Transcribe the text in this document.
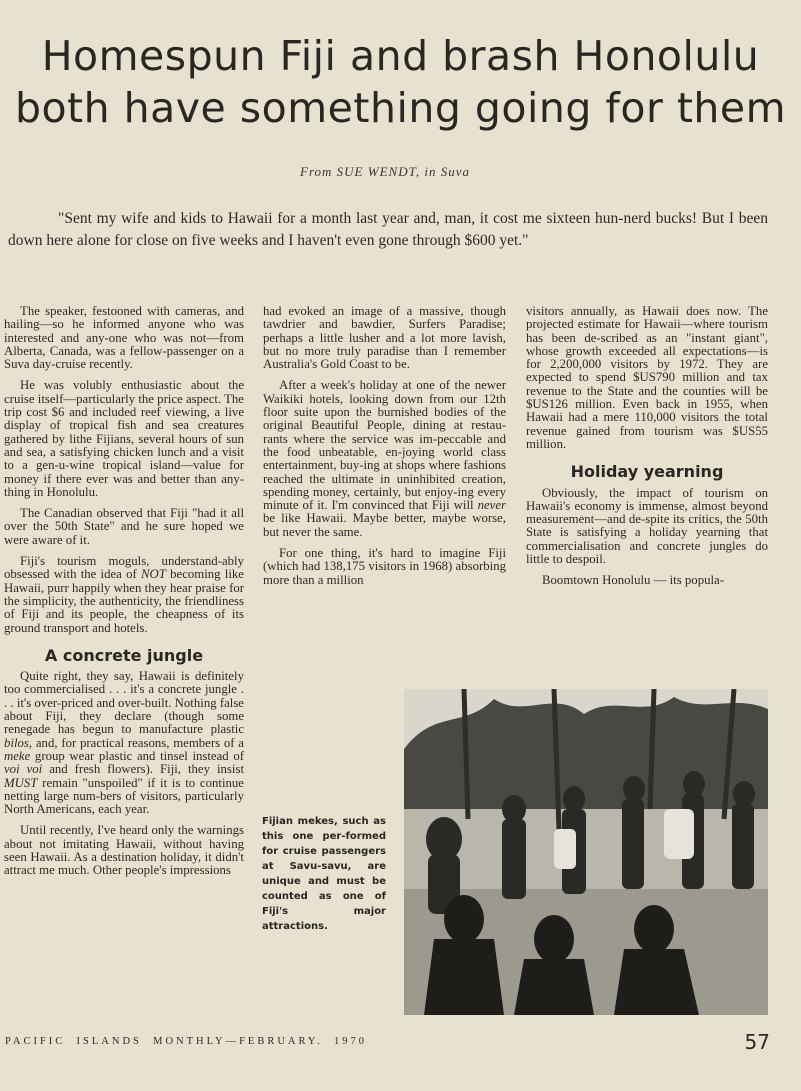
Homespun Fiji and brash Honolulu
both have something going for them
From SUE WENDT, in Suva

"Sent my wife and kids to Hawaii for a month last year and, man, it cost me sixteen hun-nerd bucks! But I been down here alone for close on five weeks and I haven't even gone through $600 yet."

The speaker, festooned with cameras, and hailing—so he informed anyone who was interested and any-one who was not—from Alberta, Canada, was a fellow-passenger on a Suva day-cruise recently.

He was volubly enthusiastic about the cruise itself—particularly the price aspect. The trip cost $6 and included reef viewing, a live display of tropical fish and sea creatures gathered by lithe Fijians, several hours of sun and sea, a satisfying chicken lunch and a visit to a gen-u-wine tropical island—value for money if there ever was and better than any-thing in Honolulu.

The Canadian observed that Fiji "had it all over the 50th State" and he sure hoped we were aware of it.

Fiji's tourism moguls, understand-ably obsessed with the idea of NOT becoming like Hawaii, purr happily when they hear praise for the simplicity, the authenticity, the friendliness of Fiji and its people, the cheapness of its ground transport and hotels.

A concrete jungle

Quite right, they say, Hawaii is definitely too commercialised . . . it's a concrete jungle . . . it's over-priced and over-built. Nothing false about Fiji, they declare (though some renegade has begun to manufacture plastic bilos, and, for practical reasons, members of a meke group wear plastic and tinsel instead of voi voi and fresh flowers). Fiji, they insist MUST remain "unspoiled" if it is to continue netting large num-bers of visitors, particularly North Americans, each year.

Until recently, I've heard only the warnings about not imitating Hawaii, without having seen Hawaii. As a destination holiday, it didn't attract me much. Other people's impressions

had evoked an image of a massive, though tawdrier and bawdier, Surfers Paradise; perhaps a little lusher and a lot more lavish, but no more truly paradise than I remember Australia's Gold Coast to be.

After a week's holiday at one of the newer Waikiki hotels, looking down from our 12th floor suite upon the burnished bodies of the original Beautiful People, dining at restau-rants where the service was im-peccable and the food unbeatable, en-joying world class entertainment, buy-ing at shops where fashions reached the ultimate in uninhibited creation, spending money, certainly, but enjoy-ing every minute of it. I'm convinced that Fiji will never be like Hawaii. Maybe better, maybe worse, but never the same.

For one thing, it's hard to imagine Fiji (which had 138,175 visitors in 1968) absorbing more than a million

visitors annually, as Hawaii does now. The projected estimate for Hawaii—where tourism has been de-scribed as an "instant giant", whose growth exceeded all expectations—is for 2,200,000 visitors by 1972. They are expected to spend $US790 million and tax revenue to the State and the counties will be $US126 million. Even back in 1955, when Hawaii had a mere 110,000 visitors the total revenue gained from tourism was $US55 million.

Holiday yearning

Obviously, the impact of tourism on Hawaii's economy is immense, almost beyond measurement—and de-spite its critics, the 50th State is satisfying a holiday yearning that commercialisation and concrete jungles do little to despoil.

Boomtown Honolulu — its popula-

Fijian mekes, such as this one per-formed for cruise passengers at Savu-savu, are unique and must be counted as one of Fiji's major attractions.
PACIFIC  ISLANDS  MONTHLY—FEBRUARY.  1970	57
